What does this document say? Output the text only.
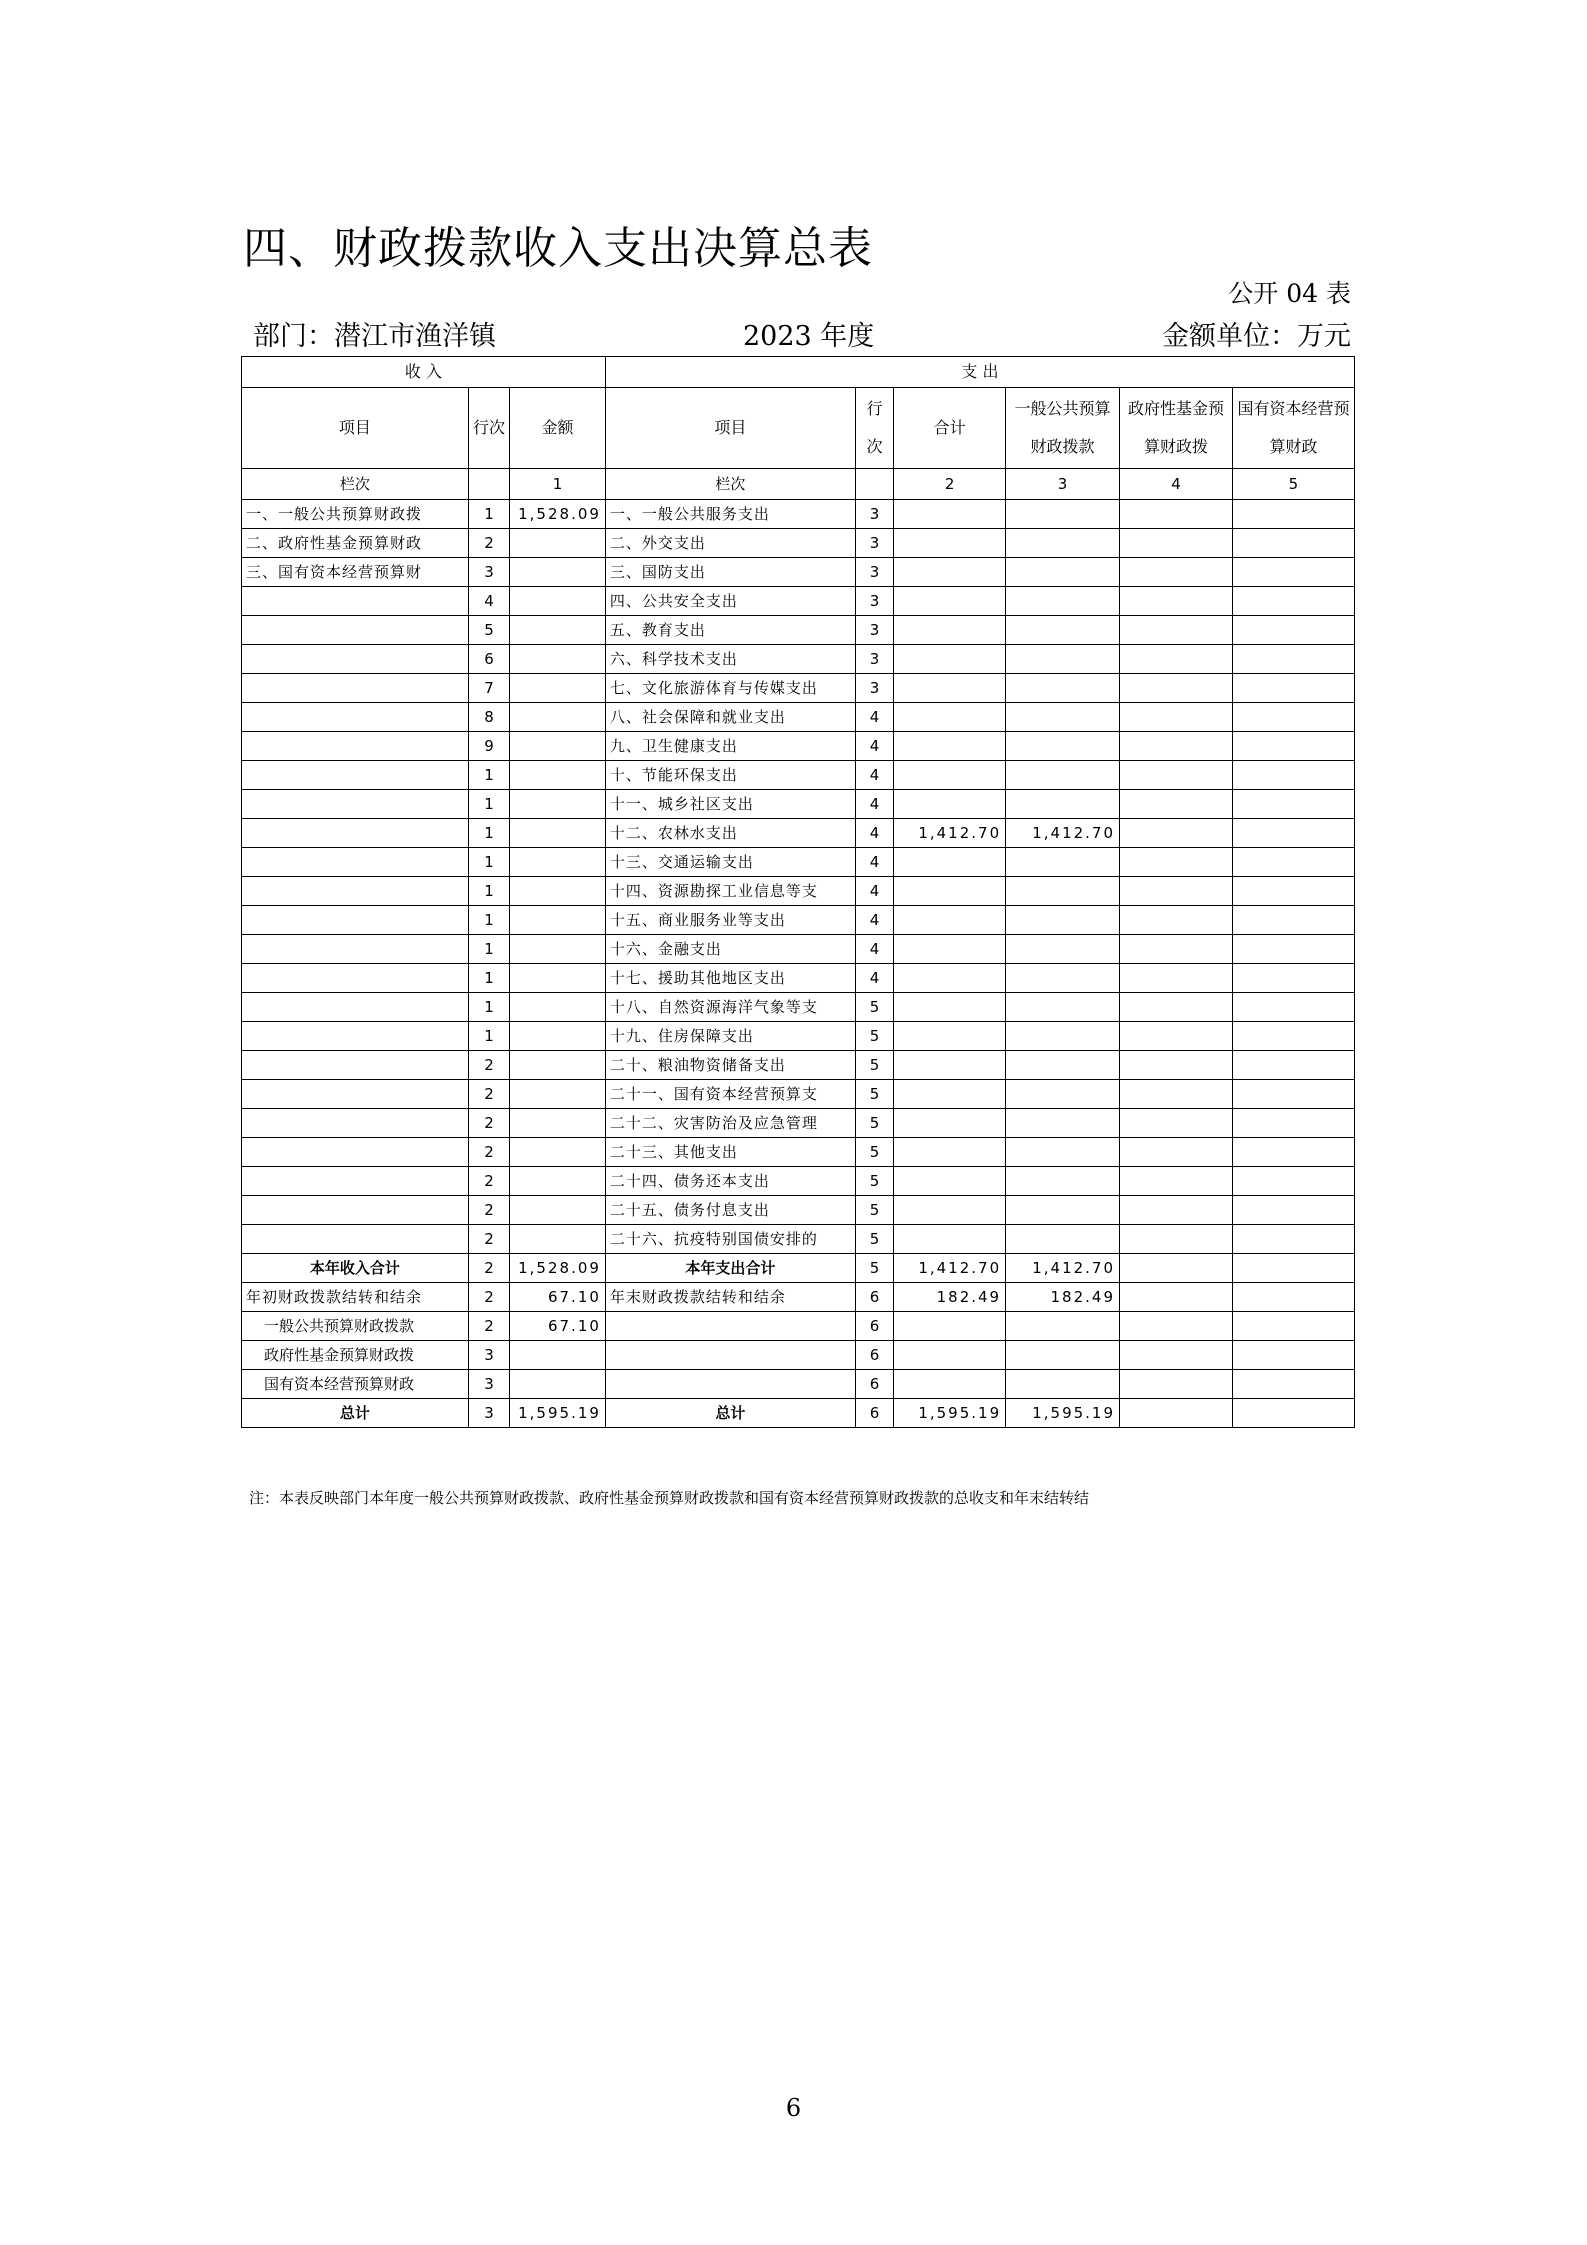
四、财政拨款收入支出决算总表
公开 04 表
部门：潜江市渔洋镇	2023 年度	金额单位：万元
收 入			支 出					
项目	行次	金额	项目	行次	合计	一般公共预算财政拨款	政府性基金预算财政拨	国有资本经营预算财政
栏次		1	栏次		2	3	4	5
一、一般公共预算财政拨	1	1,528.09	一、一般公共服务支出	3				
二、政府性基金预算财政	2		二、外交支出	3				
三、国有资本经营预算财	3		三、国防支出	3				
	4		四、公共安全支出	3				
	5		五、教育支出	3				
	6		六、科学技术支出	3				
	7		七、文化旅游体育与传媒支出	3				
	8		八、社会保障和就业支出	4				
	9		九、卫生健康支出	4				
	1		十、节能环保支出	4				
	1		十一、城乡社区支出	4				
	1		十二、农林水支出	4	1,412.70	1,412.70		
	1		十三、交通运输支出	4				
	1		十四、资源勘探工业信息等支	4				
	1		十五、商业服务业等支出	4				
	1		十六、金融支出	4				
	1		十七、援助其他地区支出	4				
	1		十八、自然资源海洋气象等支	5				
	1		十九、住房保障支出	5				
	2		二十、粮油物资储备支出	5				
	2		二十一、国有资本经营预算支	5				
	2		二十二、灾害防治及应急管理	5				
	2		二十三、其他支出	5				
	2		二十四、债务还本支出	5				
	2		二十五、债务付息支出	5				
	2		二十六、抗疫特别国债安排的	5				
本年收入合计	2	1,528.09	本年支出合计	5	1,412.70	1,412.70		
年初财政拨款结转和结余	2	67.10	年末财政拨款结转和结余	6	182.49	182.49		
一般公共预算财政拨款	2	67.10		6				
政府性基金预算财政拨	3			6				
国有资本经营预算财政	3			6				
总计	3	1,595.19	总计	6	1,595.19	1,595.19		
注：本表反映部门本年度一般公共预算财政拨款、政府性基金预算财政拨款和国有资本经营预算财政拨款的总收支和年末结转结
6
